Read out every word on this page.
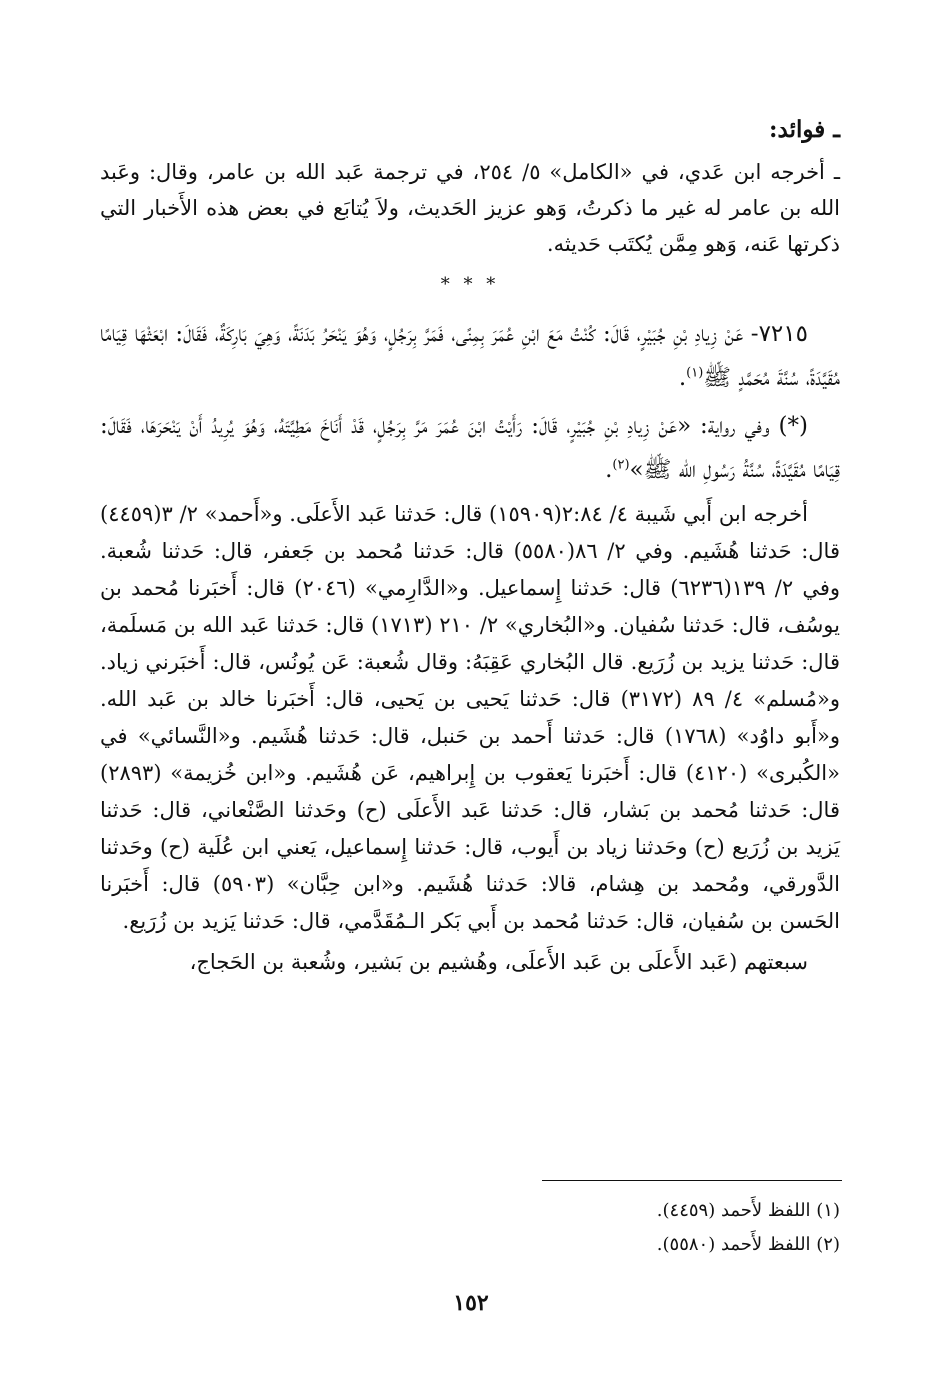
ـ فوائد:

ـ أخرجه ابن عَدي، في «الكامل» ٥/ ٢٥٤، في ترجمة عَبد الله بن عامر، وقال: وعَبد الله بن عامر له غير ما ذكرتُ، وَهو عزيز الحَديث، ولاَ يُتابَع في بعض هذه الأَخبار التي ذكرتها عَنه، وَهو مِمَّن يُكتَب حَديثه.

* * *

٧٢١٥- عَنْ زِيادِ بْنِ جُبَيْرٍ، قَالَ: كُنْتُ مَعَ ابْنِ عُمَرَ بِمِنًى، فَمَرَّ بِرَجُلٍ، وَهُوَ يَنْحَرُ بَدَنَةً، وَهِيَ بَارِكَةٌ، فَقَالَ: ابْعَثْهَا قِيَامًا مُقَيَّدَةً، سُنَّةَ مُحَمَّدٍ ﷺ$^{(١)}$.

(*) وفي رواية: «عَنْ زِيادِ بْنِ جُبَيْرٍ، قَالَ: رَأَيْتُ ابْنَ عُمَرَ مَرَّ بِرَجُلٍ، قَدْ أَنَاخَ مَطِيَّتَهُ، وَهُوَ يُرِيدُ أَنْ يَنْحَرَهَا، فَقَالَ: قِيَامًا مُقَيَّدَةً، سُنَّةُ رَسُولِ الله ﷺ»$^{(٢)}$.

أخرجه ابن أَبي شَيبة ٤/ ٢:٨٤(١٥٩٠٩) قال: حَدثنا عَبد الأَعلَى. و«أَحمد» ٢/ ٣(٤٤٥٩) قال: حَدثنا هُشَيم. وفي ٢/ ٨٦(٥٥٨٠) قال: حَدثنا مُحمد بن جَعفر، قال: حَدثنا شُعبة. وفي ٢/ ١٣٩(٦٢٣٦) قال: حَدثنا إِسماعيل. و«الدَّارِمي» (٢٠٤٦) قال: أَخبَرنا مُحمد بن يوسُف، قال: حَدثنا سُفيان. و«البُخاري» ٢/ ٢١٠ (١٧١٣) قال: حَدثنا عَبد الله بن مَسلَمة، قال: حَدثنا يزيد بن زُرَيع. قال البُخاري عَقِبَهُ: وقال شُعبة: عَن يُونُس، قال: أَخبَرني زياد. و«مُسلم» ٤/ ٨٩ (٣١٧٢) قال: حَدثنا يَحيى بن يَحيى، قال: أَخبَرنا خالد بن عَبد الله. و«أَبو داوُد» (١٧٦٨) قال: حَدثنا أَحمد بن حَنبل، قال: حَدثنا هُشَيم. و«النَّسائي» في «الكُبرى» (٤١٢٠) قال: أَخبَرنا يَعقوب بن إِبراهيم، عَن هُشَيم. و«ابن خُزيمة» (٢٨٩٣) قال: حَدثنا مُحمد بن بَشار، قال: حَدثنا عَبد الأَعلَى (ح) وحَدثنا الصَّنْعاني، قال: حَدثنا يَزيد بن زُرَيع (ح) وحَدثنا زياد بن أَيوب، قال: حَدثنا إِسماعيل، يَعني ابن عُلَية (ح) وحَدثنا الدَّورقي، ومُحمد بن هِشام، قالا: حَدثنا هُشَيم. و«ابن حِبَّان» (٥٩٠٣) قال: أَخبَرنا الحَسن بن سُفيان، قال: حَدثنا مُحمد بن أَبي بَكر الـمُقَدَّمي، قال: حَدثنا يَزيد بن زُرَيع.

سبعتهم (عَبد الأَعلَى بن عَبد الأَعلَى، وهُشيم بن بَشير، وشُعبة بن الحَجاج،

(١) اللفظ لأَحمد (٤٤٥٩).

(٢) اللفظ لأَحمد (٥٥٨٠).

١٥٢
